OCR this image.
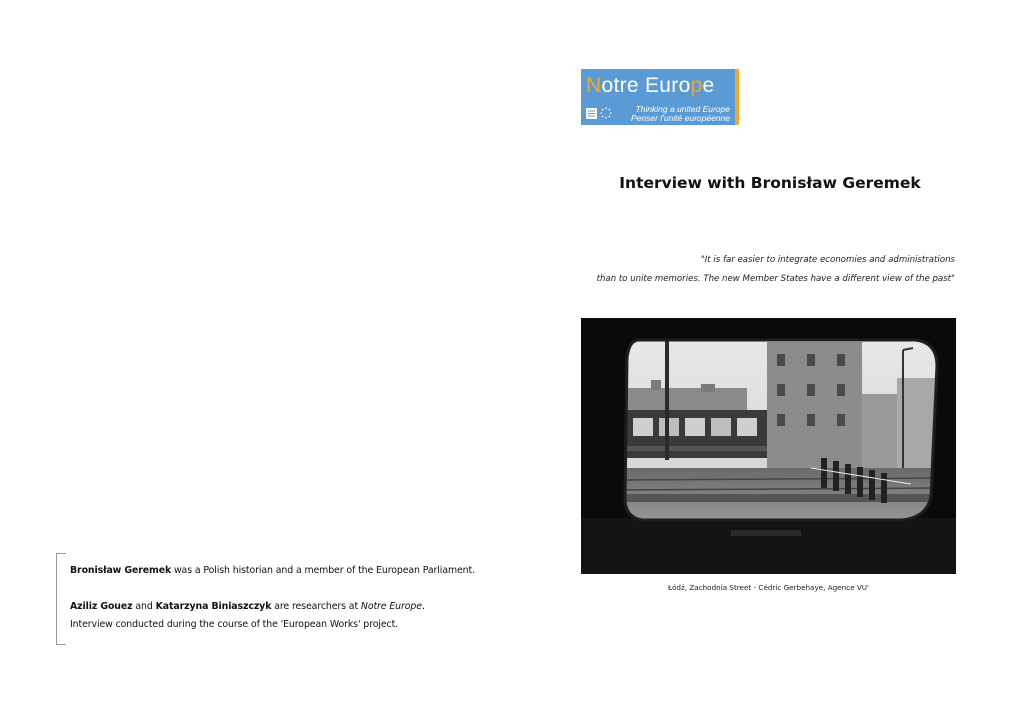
Notre Europe
Thinking a united Europe
Penser l'unité européenne
Interview with Bronisław Geremek
"It is far easier to integrate economies and administrations
than to unite memories. The new Member States have a different view of the past"
Łódź, Zachodnia Street - Cédric Gerbehaye, Agence VU'
Bronisław Geremek was a Polish historian and a member of the European Parliament.
Aziliz Gouez and Katarzyna Biniaszczyk are researchers at Notre Europe.
Interview conducted during the course of the 'European Works' project.
